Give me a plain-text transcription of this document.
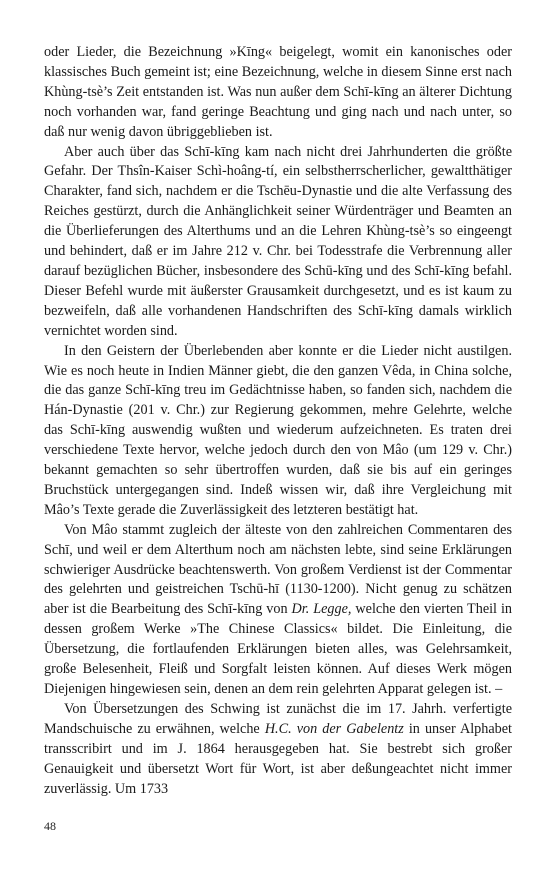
oder Lieder, die Bezeichnung »Kīng« beigelegt, womit ein kanonisches oder klassisches Buch gemeint ist; eine Bezeichnung, welche in diesem Sinne erst nach Khùng-tsè’s Zeit entstanden ist. Was nun außer dem Schī-kīng an älterer Dichtung noch vorhanden war, fand geringe Beachtung und ging nach und nach unter, so daß nur wenig davon übriggeblieben ist.

Aber auch über das Schī-kīng kam nach nicht drei Jahrhunderten die größte Gefahr. Der Thsîn-Kaiser Schì-hoâng-tí, ein selbstherrscherlicher, gewaltthätiger Charakter, fand sich, nachdem er die Tschēu-Dynastie und die alte Verfassung des Reiches gestürzt, durch die Anhänglichkeit seiner Würdenträger und Beamten an die Überlieferungen des Alterthums und an die Lehren Khùng-tsè’s so eingeengt und behindert, daß er im Jahre 212 v. Chr. bei Todesstrafe die Verbrennung aller darauf bezüglichen Bücher, insbesondere des Schū-kīng und des Schī-kīng befahl. Dieser Befehl wurde mit äußerster Grausamkeit durchgesetzt, und es ist kaum zu bezweifeln, daß alle vorhandenen Handschriften des Schī-kīng damals wirklich vernichtet worden sind.

In den Geistern der Überlebenden aber konnte er die Lieder nicht austilgen. Wie es noch heute in Indien Männer giebt, die den ganzen Vêda, in China solche, die das ganze Schī-kīng treu im Gedächtnisse haben, so fanden sich, nachdem die Hán-Dynastie (201 v. Chr.) zur Regierung gekommen, mehre Gelehrte, welche das Schī-kīng auswendig wußten und wiederum aufzeichneten. Es traten drei verschiedene Texte hervor, welche jedoch durch den von Mâo (um 129 v. Chr.) bekannt gemachten so sehr übertroffen wurden, daß sie bis auf ein geringes Bruchstück untergegangen sind. Indeß wissen wir, daß ihre Vergleichung mit Mâo’s Texte gerade die Zuverlässigkeit des letzteren bestätigt hat.

Von Mâo stammt zugleich der älteste von den zahlreichen Commentaren des Schī, und weil er dem Alterthum noch am nächsten lebte, sind seine Erklärungen schwieriger Ausdrücke beachtenswerth. Von großem Verdienst ist der Commentar des gelehrten und geistreichen Tschū-hī (1130-1200). Nicht genug zu schätzen aber ist die Bearbeitung des Schī-kīng von Dr. Legge, welche den vierten Theil in dessen großem Werke »The Chinese Classics« bildet. Die Einleitung, die Übersetzung, die fortlaufenden Erklärungen bieten alles, was Gelehrsamkeit, große Belesenheit, Fleiß und Sorgfalt leisten können. Auf dieses Werk mögen Diejenigen hingewiesen sein, denen an dem rein gelehrten Apparat gelegen ist. –

Von Übersetzungen des Schwing ist zunächst die im 17. Jahrh. verfertigte Mandschuische zu erwähnen, welche H.C. von der Gabelentz in unser Alphabet transscribirt und im J. 1864 herausgegeben hat. Sie bestrebt sich großer Genauigkeit und übersetzt Wort für Wort, ist aber deßungeachtet nicht immer zuverlässig. Um 1733

48
